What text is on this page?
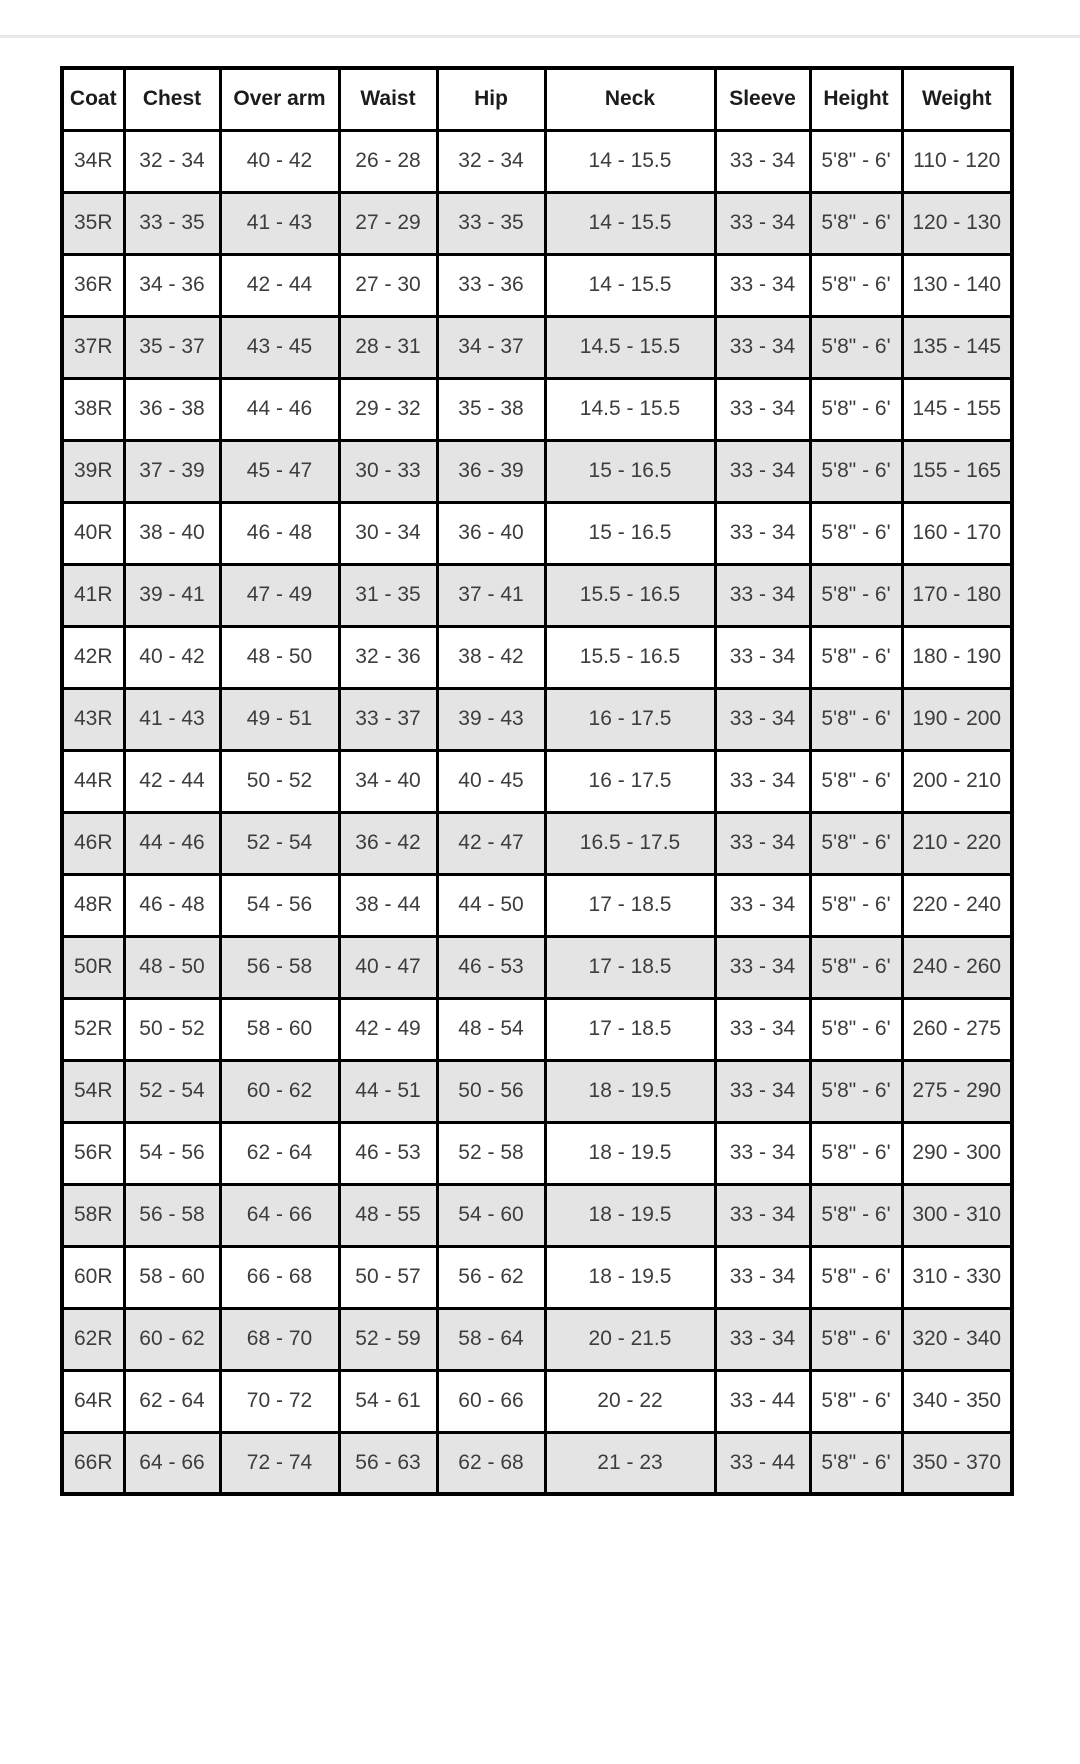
Coat	Chest	Over arm	Waist	Hip	Neck	Sleeve	Height	Weight
34R	32 - 34	40 - 42	26 - 28	32 - 34	14 - 15.5	33 - 34	5'8" - 6'	110 - 120
35R	33 - 35	41 - 43	27 - 29	33 - 35	14 - 15.5	33 - 34	5'8" - 6'	120 - 130
36R	34 - 36	42 - 44	27 - 30	33 - 36	14 - 15.5	33 - 34	5'8" - 6'	130 - 140
37R	35 - 37	43 - 45	28 - 31	34 - 37	14.5 - 15.5	33 - 34	5'8" - 6'	135 - 145
38R	36 - 38	44 - 46	29 - 32	35 - 38	14.5 - 15.5	33 - 34	5'8" - 6'	145 - 155
39R	37 - 39	45 - 47	30 - 33	36 - 39	15 - 16.5	33 - 34	5'8" - 6'	155 - 165
40R	38 - 40	46 - 48	30 - 34	36 - 40	15 - 16.5	33 - 34	5'8" - 6'	160 - 170
41R	39 - 41	47 - 49	31 - 35	37 - 41	15.5 - 16.5	33 - 34	5'8" - 6'	170 - 180
42R	40 - 42	48 - 50	32 - 36	38 - 42	15.5 - 16.5	33 - 34	5'8" - 6'	180 - 190
43R	41 - 43	49 - 51	33 - 37	39 - 43	16 - 17.5	33 - 34	5'8" - 6'	190 - 200
44R	42 - 44	50 - 52	34 - 40	40 - 45	16 - 17.5	33 - 34	5'8" - 6'	200 - 210
46R	44 - 46	52 - 54	36 - 42	42 - 47	16.5 - 17.5	33 - 34	5'8" - 6'	210 - 220
48R	46 - 48	54 - 56	38 - 44	44 - 50	17 - 18.5	33 - 34	5'8" - 6'	220 - 240
50R	48 - 50	56 - 58	40 - 47	46 - 53	17 - 18.5	33 - 34	5'8" - 6'	240 - 260
52R	50 - 52	58 - 60	42 - 49	48 - 54	17 - 18.5	33 - 34	5'8" - 6'	260 - 275
54R	52 - 54	60 - 62	44 - 51	50 - 56	18 - 19.5	33 - 34	5'8" - 6'	275 - 290
56R	54 - 56	62 - 64	46 - 53	52 - 58	18 - 19.5	33 - 34	5'8" - 6'	290 - 300
58R	56 - 58	64 - 66	48 - 55	54 - 60	18 - 19.5	33 - 34	5'8" - 6'	300 - 310
60R	58 - 60	66 - 68	50 - 57	56 - 62	18 - 19.5	33 - 34	5'8" - 6'	310 - 330
62R	60 - 62	68 - 70	52 - 59	58 - 64	20 - 21.5	33 - 34	5'8" - 6'	320 - 340
64R	62 - 64	70 - 72	54 - 61	60 - 66	20 - 22	33 - 44	5'8" - 6'	340 - 350
66R	64 - 66	72 - 74	56 - 63	62 - 68	21 - 23	33 - 44	5'8" - 6'	350 - 370
